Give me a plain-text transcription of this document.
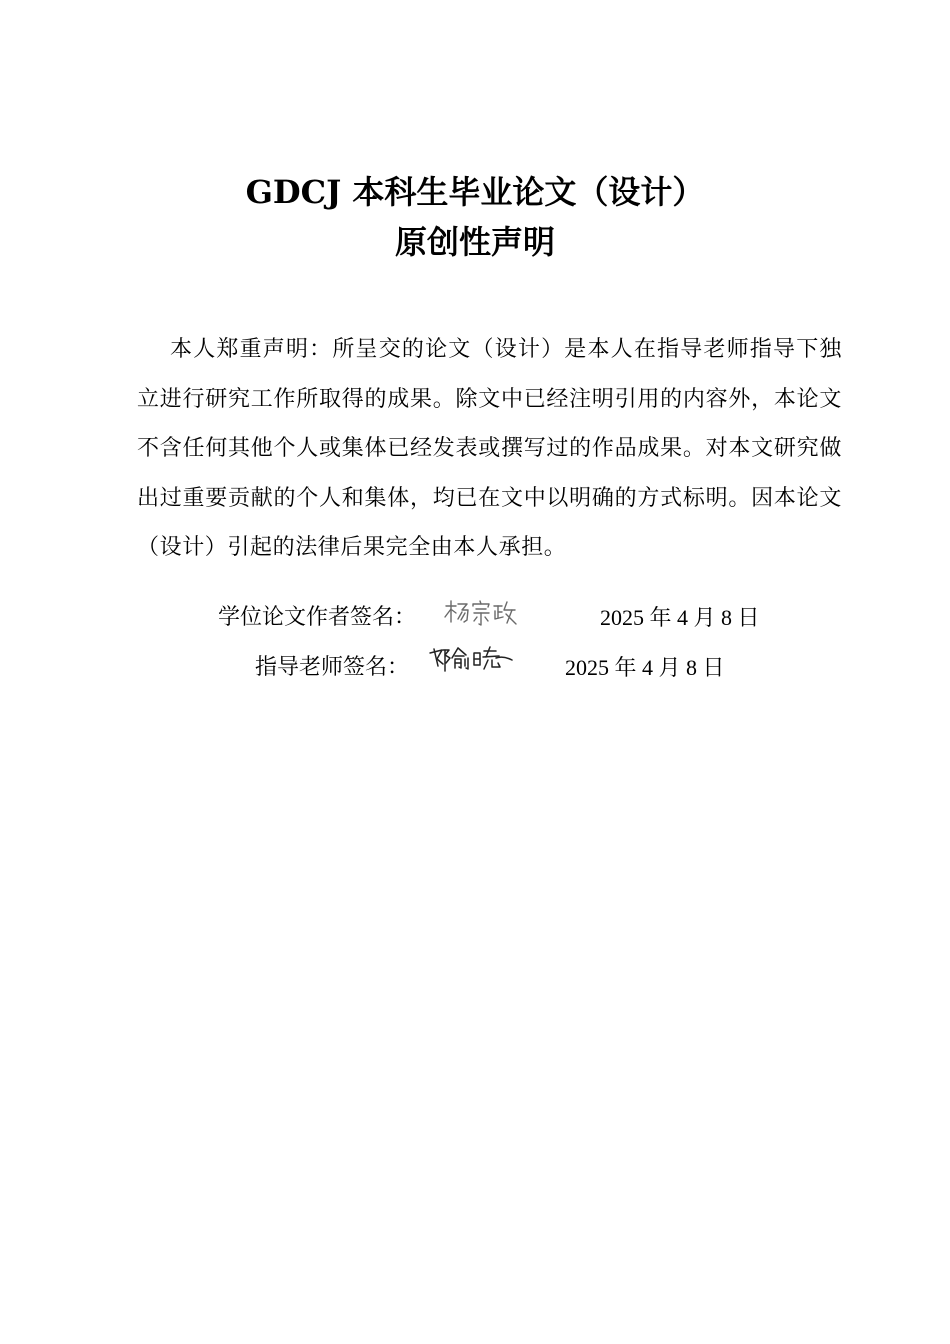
GDCJ 本科生毕业论文（设计）
原创性声明
本人郑重声明：所呈交的论文（设计）是本人在指导老师指导下独立进行研究工作所取得的成果。除文中已经注明引用的内容外，本论文不含任何其他个人或集体已经发表或撰写过的作品成果。对本文研究做出过重要贡献的个人和集体，均已在文中以明确的方式标明。因本论文（设计）引起的法律后果完全由本人承担。
学位论文作者签名：	2025 年 4 月 8 日
指导老师签名：	2025 年 4 月 8 日
